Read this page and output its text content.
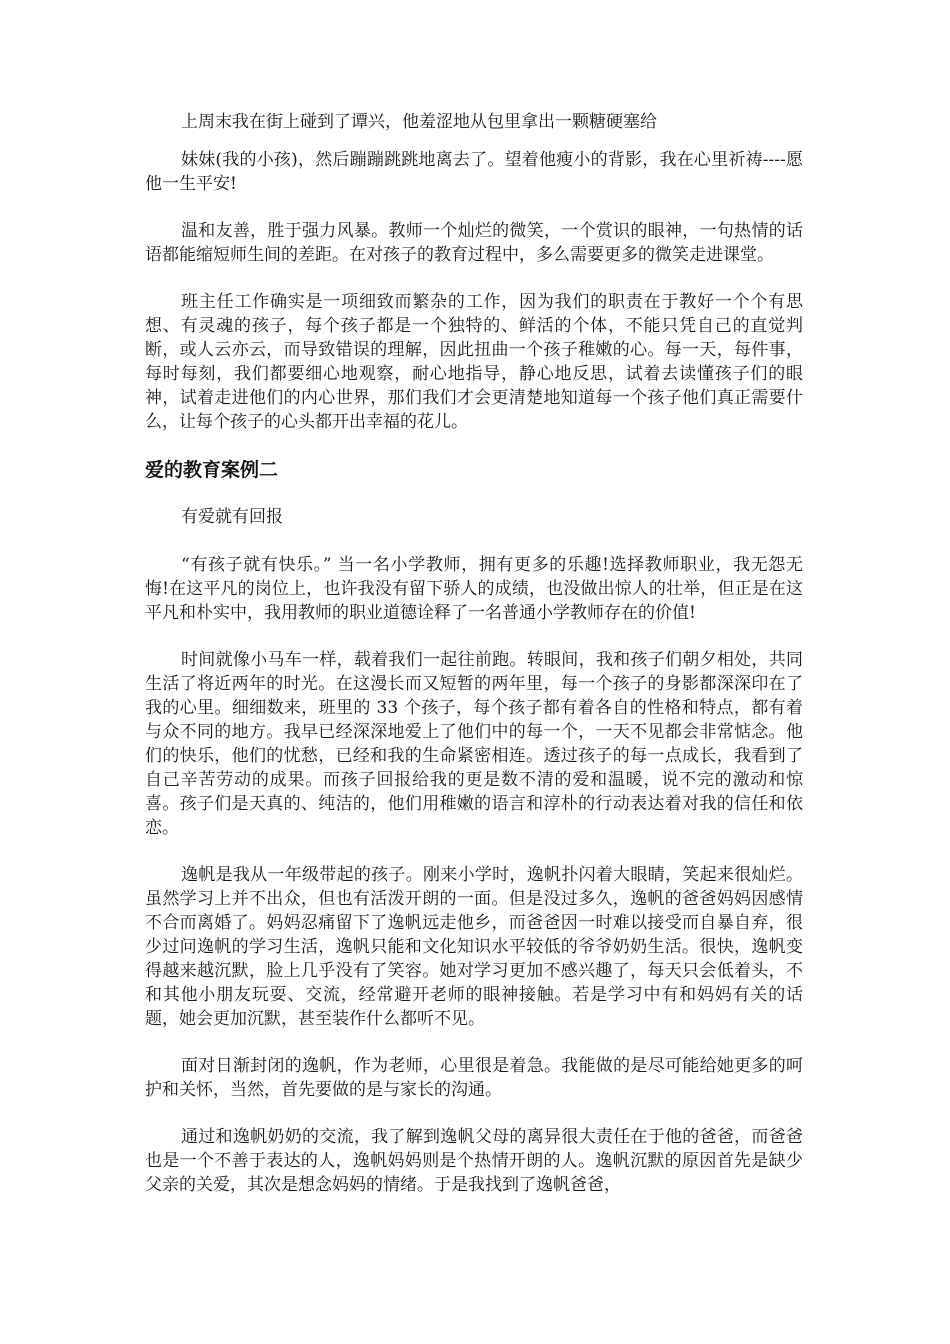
上周末我在街上碰到了谭兴，他羞涩地从包里拿出一颗糖硬塞给

妹妹(我的小孩)，然后蹦蹦跳跳地离去了。望着他瘦小的背影，我在心里祈祷----愿他一生平安!

温和友善，胜于强力风暴。教师一个灿烂的微笑，一个赏识的眼神，一句热情的话语都能缩短师生间的差距。在对孩子的教育过程中，多么需要更多的微笑走进课堂。

班主任工作确实是一项细致而繁杂的工作，因为我们的职责在于教好一个个有思想、有灵魂的孩子，每个孩子都是一个独特的、鲜活的个体，不能只凭自己的直觉判断，或人云亦云，而导致错误的理解，因此扭曲一个孩子稚嫩的心。每一天，每件事，每时每刻，我们都要细心地观察，耐心地指导，静心地反思，试着去读懂孩子们的眼神，试着走进他们的内心世界，那们我们才会更清楚地知道每一个孩子他们真正需要什么，让每个孩子的心头都开出幸福的花儿。

爱的教育案例二

有爱就有回报

“有孩子就有快乐。” 当一名小学教师，拥有更多的乐趣!选择教师职业，我无怨无悔!在这平凡的岗位上，也许我没有留下骄人的成绩，也没做出惊人的壮举，但正是在这平凡和朴实中，我用教师的职业道德诠释了一名普通小学教师存在的价值!

时间就像小马车一样，载着我们一起往前跑。转眼间，我和孩子们朝夕相处，共同生活了将近两年的时光。在这漫长而又短暂的两年里，每一个孩子的身影都深深印在了我的心里。细细数来，班里的 33 个孩子，每个孩子都有着各自的性格和特点，都有着与众不同的地方。我早已经深深地爱上了他们中的每一个，一天不见都会非常惦念。他们的快乐，他们的忧愁，已经和我的生命紧密相连。透过孩子的每一点成长，我看到了自己辛苦劳动的成果。而孩子回报给我的更是数不清的爱和温暖，说不完的激动和惊喜。孩子们是天真的、纯洁的，他们用稚嫩的语言和淳朴的行动表达着对我的信任和依恋。

逸帆是我从一年级带起的孩子。刚来小学时，逸帆扑闪着大眼睛，笑起来很灿烂。虽然学习上并不出众，但也有活泼开朗的一面。但是没过多久，逸帆的爸爸妈妈因感情不合而离婚了。妈妈忍痛留下了逸帆远走他乡，而爸爸因一时难以接受而自暴自弃，很少过问逸帆的学习生活，逸帆只能和文化知识水平较低的爷爷奶奶生活。很快，逸帆变得越来越沉默，脸上几乎没有了笑容。她对学习更加不感兴趣了，每天只会低着头，不和其他小朋友玩耍、交流，经常避开老师的眼神接触。若是学习中有和妈妈有关的话题，她会更加沉默，甚至装作什么都听不见。

面对日渐封闭的逸帆，作为老师，心里很是着急。我能做的是尽可能给她更多的呵护和关怀，当然，首先要做的是与家长的沟通。

通过和逸帆奶奶的交流，我了解到逸帆父母的离异很大责任在于他的爸爸，而爸爸也是一个不善于表达的人，逸帆妈妈则是个热情开朗的人。逸帆沉默的原因首先是缺少父亲的关爱，其次是想念妈妈的情绪。于是我找到了逸帆爸爸，
